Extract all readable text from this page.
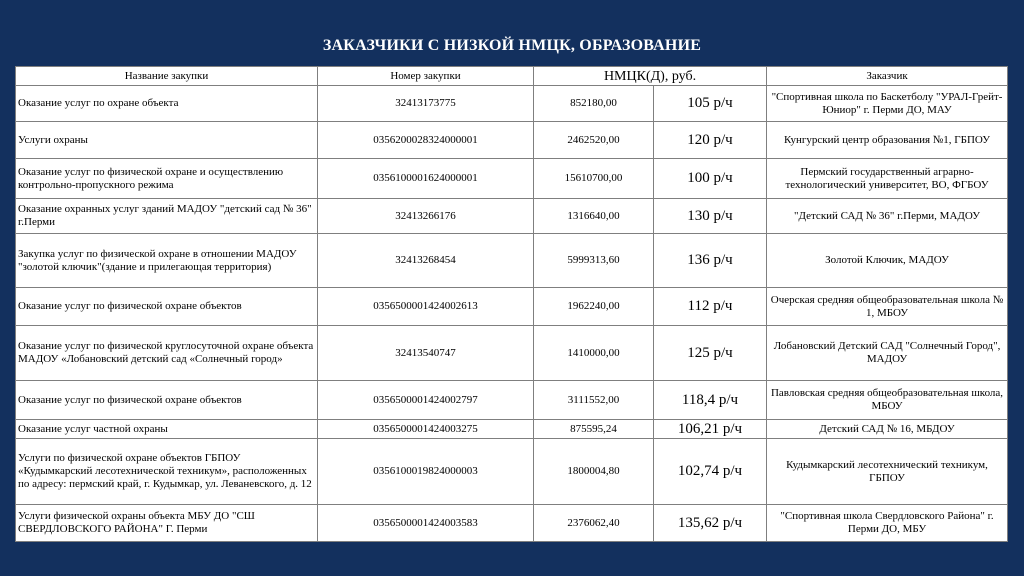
ЗАКАЗЧИКИ С НИЗКОЙ НМЦК, ОБРАЗОВАНИЕ
Название закупки	Номер закупки	НМЦК(Д), руб.		Заказчик
Оказание услуг по охране объекта	32413173775	852180,00	105 р/ч	"Спортивная школа по Баскетболу "УРАЛ-Грейт-Юниор" г. Перми ДО, МАУ
Услуги охраны	0356200028324000001	2462520,00	120 р/ч	Кунгурский центр образования №1, ГБПОУ
Оказание услуг по физической охране и осуществлению контрольно-пропускного режима	0356100001624000001	15610700,00	100 р/ч	Пермский государственный аграрно-технологический университет, ВО, ФГБОУ
Оказание охранных услуг зданий МАДОУ "детский сад № 36" г.Перми	32413266176	1316640,00	130 р/ч	"Детский САД № 36" г.Перми, МАДОУ
Закупка услуг по физической охране в отношении МАДОУ "золотой ключик"(здание и прилегающая территория)	32413268454	5999313,60	136 р/ч	Золотой Ключик, МАДОУ
Оказание услуг по физической охране объектов	0356500001424002613	1962240,00	112 р/ч	Очерская средняя общеобразовательная школа № 1, МБОУ
Оказание услуг по физической круглосуточной охране объекта МАДОУ «Лобановский детский сад «Солнечный город»	32413540747	1410000,00	125 р/ч	Лобановский Детский САД "Солнечный Город", МАДОУ
Оказание услуг по физической охране объектов	0356500001424002797	3111552,00	118,4 р/ч	Павловская средняя общеобразовательная школа, МБОУ
Оказание услуг частной охраны	0356500001424003275	875595,24	106,21 р/ч	Детский САД № 16, МБДОУ
Услуги по физической охране объектов ГБПОУ «Кудымкарский лесотехнической техникум», расположенных по адресу: пермский край, г. Кудымкар, ул. Леваневского, д. 12	0356100019824000003	1800004,80	102,74 р/ч	Кудымкарский лесотехнический техникум, ГБПОУ
Услуги физической охраны объекта МБУ ДО "СШ СВЕРДЛОВСКОГО РАЙОНА" Г. Перми	0356500001424003583	2376062,40	135,62 р/ч	"Спортивная школа Свердловского Района" г. Перми ДО, МБУ
